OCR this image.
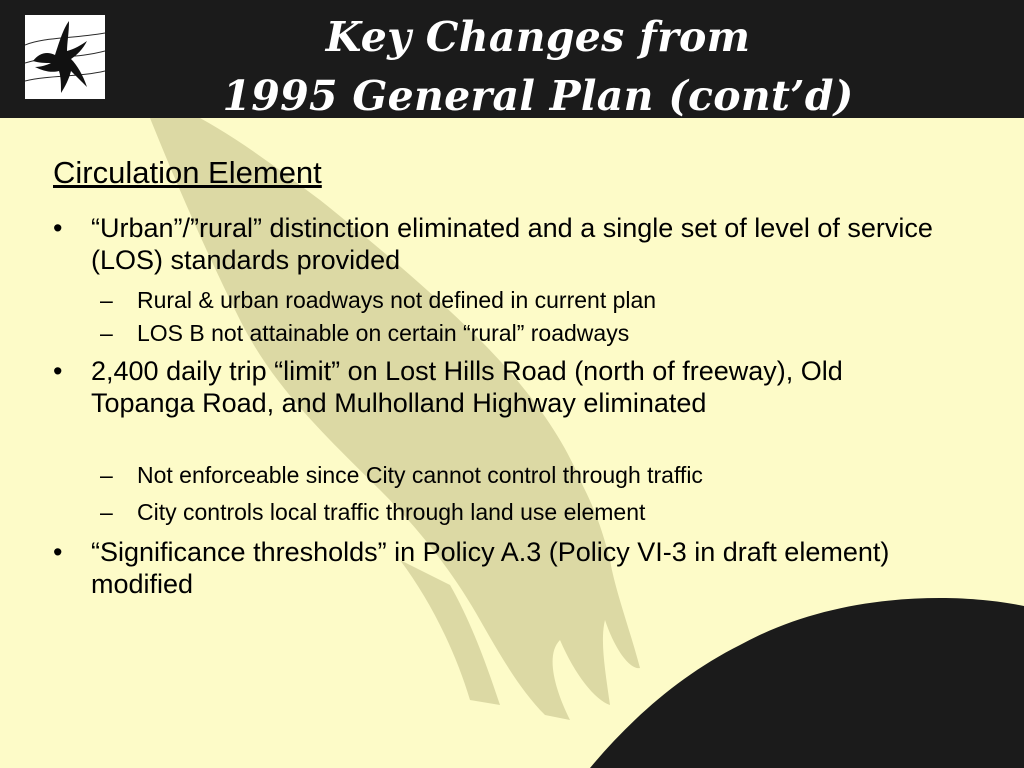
Key Changes from
1995 General Plan (cont’d)
Circulation Element
•	“Urban”/”rural” distinction eliminated and a single set of level of service (LOS) standards provided
–	Rural & urban roadways not defined in current plan
–	LOS B not attainable on certain “rural” roadways
•	2,400 daily trip “limit” on Lost Hills Road (north of freeway), Old Topanga Road, and Mulholland Highway eliminated
–	Not enforceable since City cannot control through traffic
–	City controls local traffic through land use element
•	“Significance thresholds” in Policy A.3 (Policy VI-3 in draft element) modified
